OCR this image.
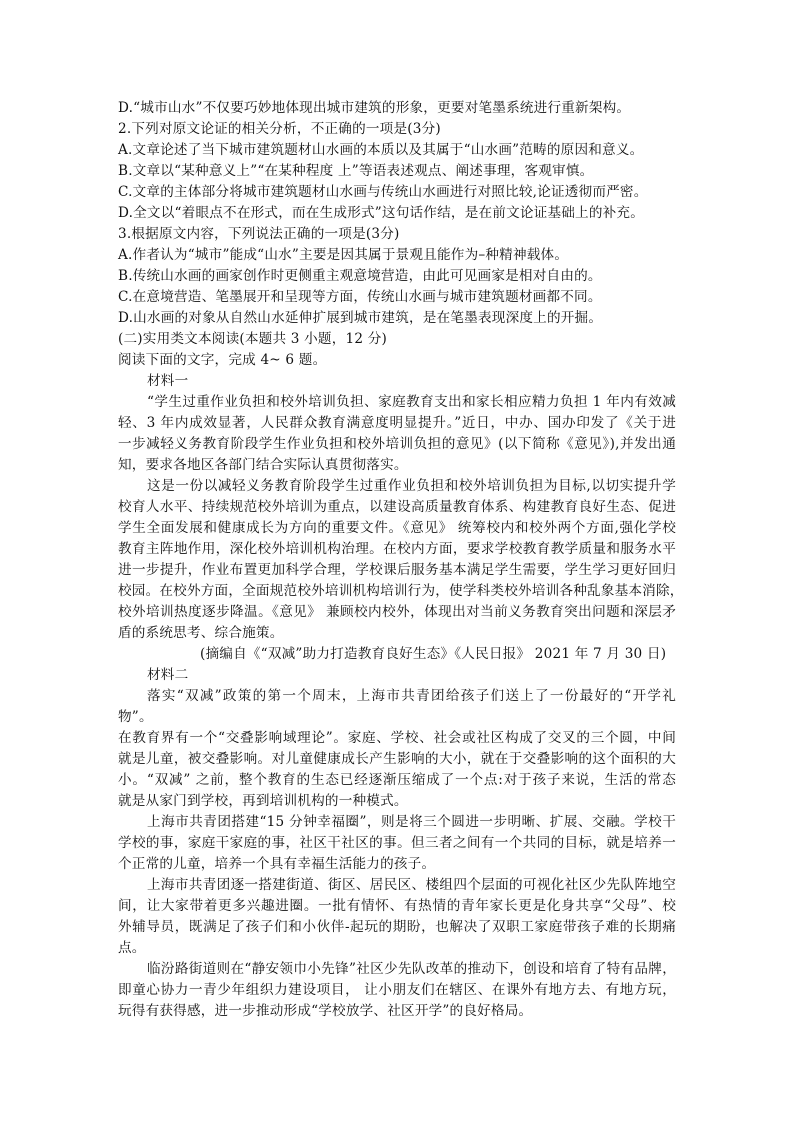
D.“城市山水”不仅要巧妙地体现出城市建筑的形象，更要对笔墨系统进行重新架构。
2.下列对原文论证的相关分析，不正确的一项是(3分)
A.文章论述了当下城市建筑题材山水画的本质以及其属于“山水画”范畴的原因和意义。
B.文章以“某种意义上”“在某种程度 上”等语表述观点、阐述事理，客观审慎。
C.文章的主体部分将城市建筑题材山水画与传统山水画进行对照比较,论证透彻而严密。
D.全文以“着眼点不在形式，而在生成形式”这句话作结，是在前文论证基础上的补充。
3.根据原文内容，下列说法正确的一项是(3分)
A.作者认为“城市”能成“山水”主要是因其属于景观且能作为–种精神载体。
B.传统山水画的画家创作时更侧重主观意境营造，由此可见画家是相对自由的。
C.在意境营造、笔墨展开和呈现等方面，传统山水画与城市建筑题材画都不同。
D.山水画的对象从自然山水延伸扩展到城市建筑，是在笔墨表现深度上的开掘。
(二)实用类文本阅读(本题共 3 小题，12 分)
阅读下面的文字，完成 4~ 6 题。
材料一
“学生过重作业负担和校外培训负担、家庭教育支出和家长相应精力负担 1 年内有效减
轻、3 年内成效显著，人民群众教育满意度明显提升。”近日，中办、国办印发了《关于进
一步减轻义务教育阶段学生作业负担和校外培训负担的意见》(以下简称《意见》),并发出通
知，要求各地区各部门结合实际认真贯彻落实。
这是一份以减轻义务教育阶段学生过重作业负担和校外培训负担为目标,以切实提升学
校育人水平、持续规范校外培训为重点，以建设高质量教育体系、构建教育良好生态、促进
学生全面发展和健康成长为方向的重要文件。《意见》 统筹校内和校外两个方面,强化学校
教育主阵地作用，深化校外培训机构治理。在校内方面，要求学校教育教学质量和服务水平
进一步提升，作业布置更加科学合理，学校课后服务基本满足学生需要，学生学习更好回归
校园。在校外方面，全面规范校外培训机构培训行为，使学科类校外培训各种乱象基本消除，
校外培训热度逐步降温。《意见》 兼顾校内校外，体现出对当前义务教育突出问题和深层矛
盾的系统思考、综合施策。
(摘编自《“双减”助力打造教育良好生态》《人民日报》 2021 年 7 月 30 日)
材料二
落实“双减”政策的第一个周末，上海市共青团给孩子们送上了一份最好的“开学礼
物”。
在教育界有一个“交叠影响域理论”。家庭、学校、社会或社区构成了交叉的三个圆，中间
就是儿童，被交叠影响。对儿童健康成长产生影响的大小，就在于交叠影响的这个面积的大
小。“双减” 之前，整个教育的生态已经逐渐压缩成了一个点:对于孩子来说，生活的常态
就是从家门到学校，再到培训机构的一种模式。
上海市共青团搭建“15 分钟幸福圈”，则是将三个圆进一步明晰、扩展、交融。学校干
学校的事，家庭干家庭的事，社区干社区的事。但三者之间有一个共同的目标，就是培养一
个正常的儿童，培养一个具有幸福生活能力的孩子。
上海市共青团逐一搭建街道、街区、居民区、楼组四个层面的可视化社区少先队阵地空
间，让大家带着更多兴趣进圈。一批有情怀、有热情的青年家长更是化身共享“父母”、校
外辅导员，既满足了孩子们和小伙伴-起玩的期盼，也解决了双职工家庭带孩子难的长期痛
点。
临汾路街道则在“静安领巾小先锋”社区少先队改革的推动下，创设和培育了特有品牌，
即童心协力一青少年组织力建设项目， 让小朋友们在辖区、在课外有地方去、有地方玩，
玩得有获得感，进一步推动形成“学校放学、社区开学”的良好格局。
